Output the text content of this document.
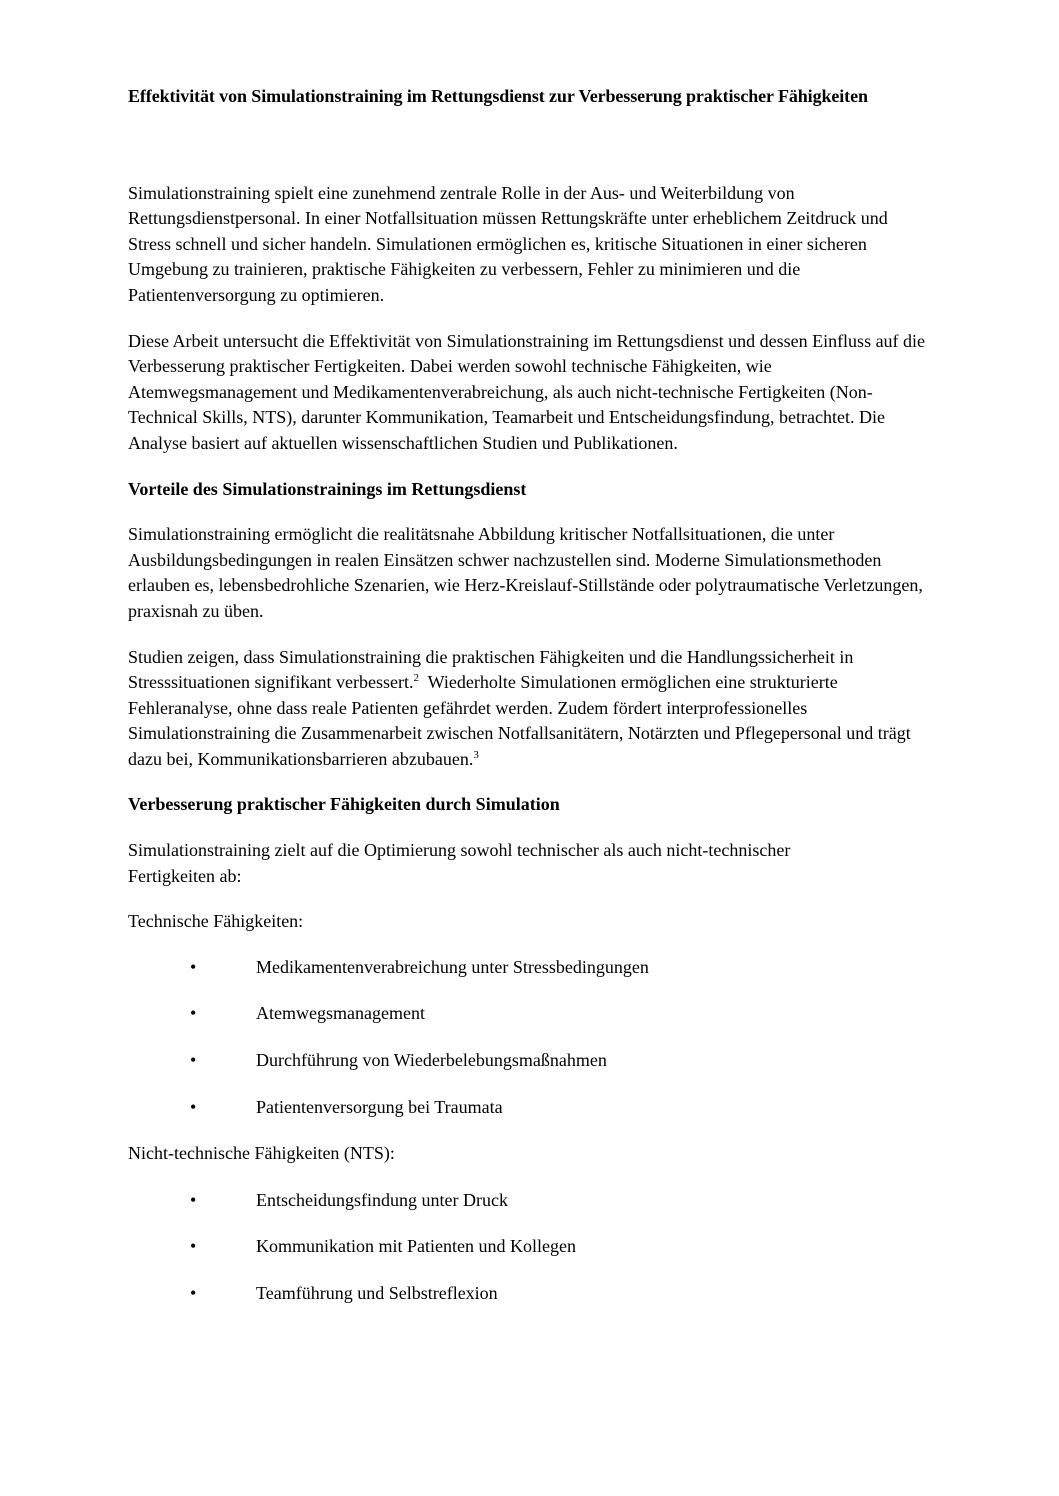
Effektivität von Simulationstraining im Rettungsdienst zur Verbesserung praktischer Fähigkeiten

Simulationstraining spielt eine zunehmend zentrale Rolle in der Aus- und Weiterbildung von Rettungsdienstpersonal. In einer Notfallsituation müssen Rettungskräfte unter erheblichem Zeitdruck und Stress schnell und sicher handeln. Simulationen ermöglichen es, kritische Situationen in einer sicheren Umgebung zu trainieren, praktische Fähigkeiten zu verbessern, Fehler zu minimieren und die Patientenversorgung zu optimieren.

Diese Arbeit untersucht die Effektivität von Simulationstraining im Rettungsdienst und dessen Einfluss auf die Verbesserung praktischer Fertigkeiten. Dabei werden sowohl technische Fähigkeiten, wie Atemwegsmanagement und Medikamentenverabreichung, als auch nicht-technische Fertigkeiten (Non-Technical Skills, NTS), darunter Kommunikation, Teamarbeit und Entscheidungsfindung, betrachtet. Die Analyse basiert auf aktuellen wissenschaftlichen Studien und Publikationen.

Vorteile des Simulationstrainings im Rettungsdienst

Simulationstraining ermöglicht die realitätsnahe Abbildung kritischer Notfallsituationen, die unter Ausbildungsbedingungen in realen Einsätzen schwer nachzustellen sind. Moderne Simulationsmethoden erlauben es, lebensbedrohliche Szenarien, wie Herz-Kreislauf-Stillstände oder polytraumatische Verletzungen, praxisnah zu üben.

Studien zeigen, dass Simulationstraining die praktischen Fähigkeiten und die Handlungssicherheit in Stresssituationen signifikant verbessert.$^2$  Wiederholte Simulationen ermöglichen eine strukturierte Fehleranalyse, ohne dass reale Patienten gefährdet werden. Zudem fördert interprofessionelles Simulationstraining die Zusammenarbeit zwischen Notfallsanitätern, Notärzten und Pflegepersonal und trägt dazu bei, Kommunikationsbarrieren abzubauen.$^3$

Verbesserung praktischer Fähigkeiten durch Simulation

Simulationstraining zielt auf die Optimierung sowohl technischer als auch nicht-technischer Fertigkeiten ab:

Technische Fähigkeiten:

•	Medikamentenverabreichung unter Stressbedingungen
•	Atemwegsmanagement
•	Durchführung von Wiederbelebungsmaßnahmen
•	Patientenversorgung bei Traumata

Nicht-technische Fähigkeiten (NTS):

•	Entscheidungsfindung unter Druck
•	Kommunikation mit Patienten und Kollegen
•	Teamführung und Selbstreflexion
